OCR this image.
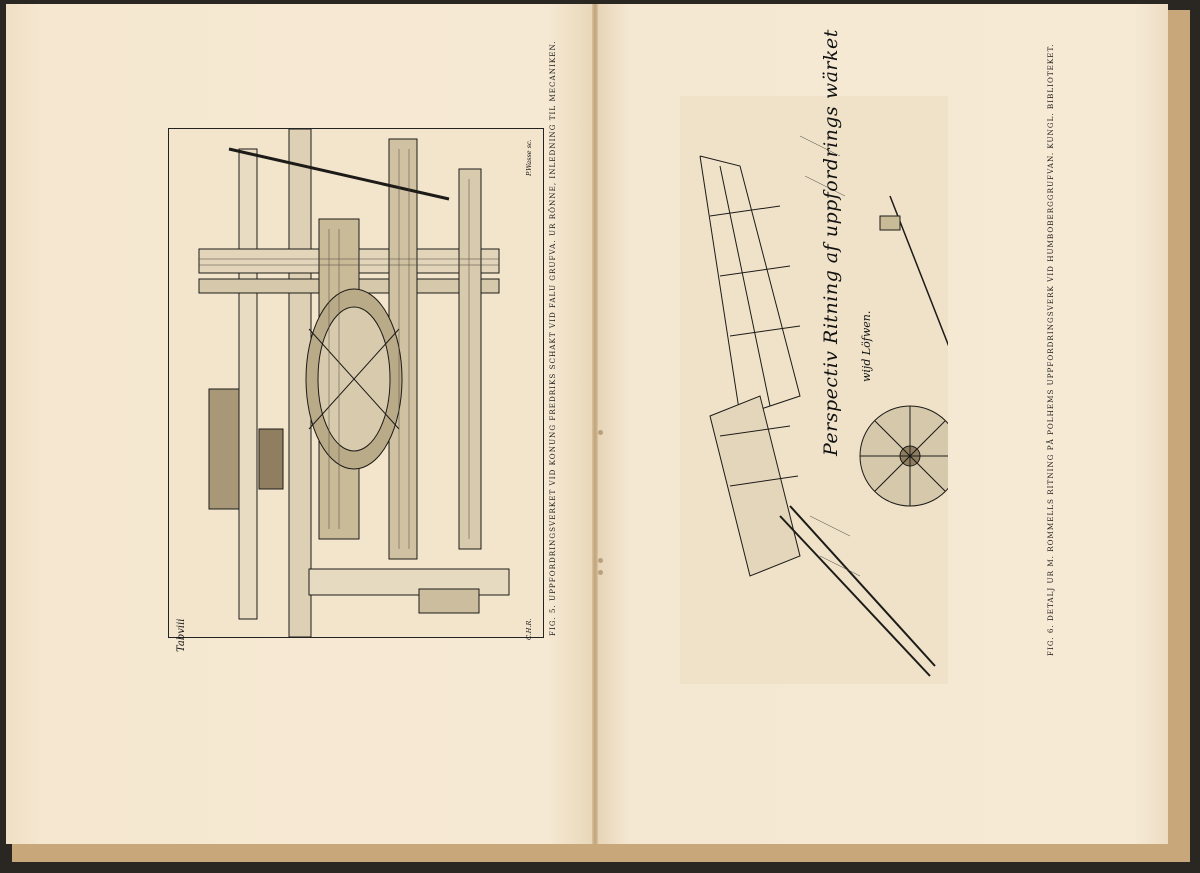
Tabviii
P.Wasse sc.
C.H.R. FIG. 5. UPPFORDRINGSVERKET VID KONUNG FREDRIKS SCHAKT VID FALU GRUFVA. UR RÖNNE, INLEDNING TIL MECANIKEN.	Perspectiv Ritning af uppfordrings wärket wijd Löfwen.	FIG. 6. DETALJ UR M. ROMMELLS RITNING PÅ POLHEMS UPPFORDRINGSVERK VID HUMBOBERGGRUFVAN. KUNGL. BIBLIOTEKET.
